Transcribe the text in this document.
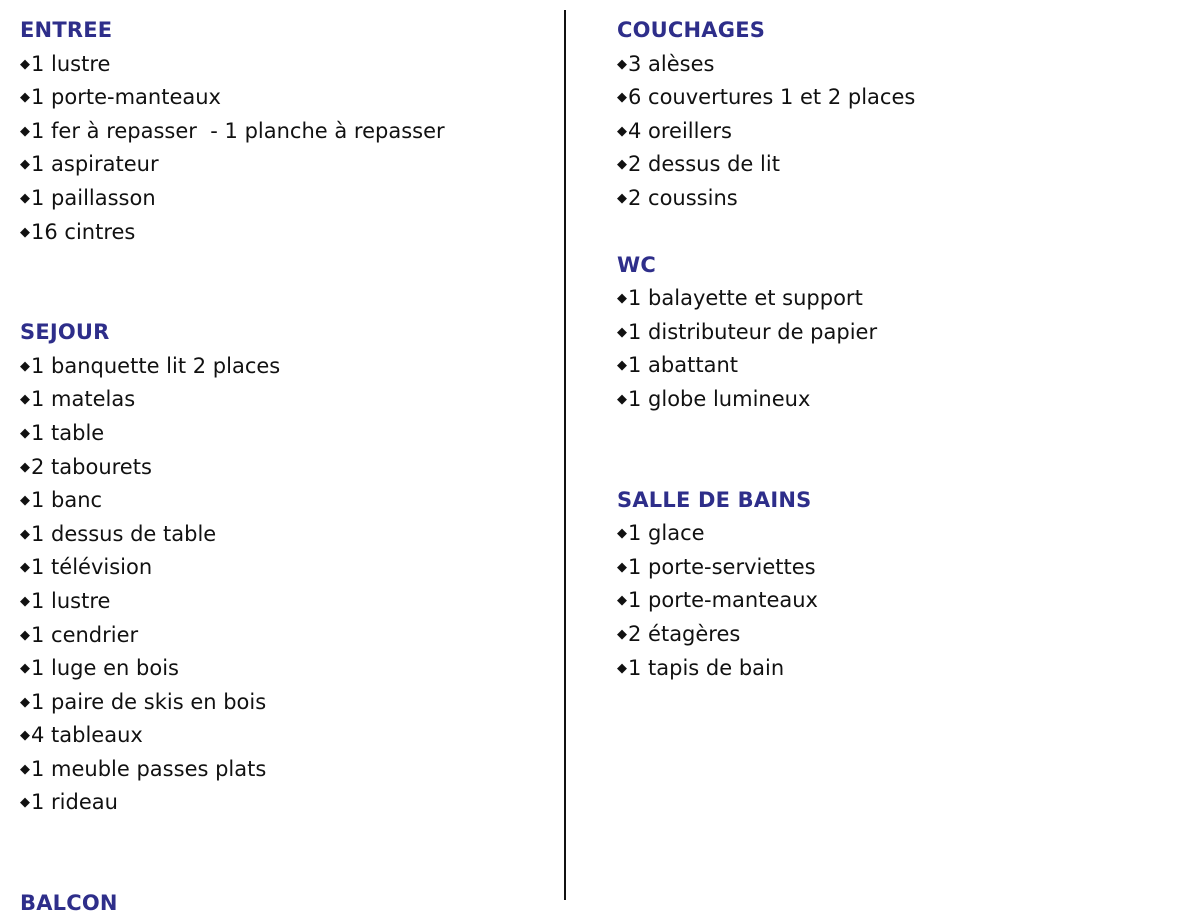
ENTREE
◆1 lustre
◆1 porte-manteaux
◆1 fer à repasser  - 1 planche à repasser
◆1 aspirateur
◆1 paillasson
◆16 cintres
SEJOUR
◆1 banquette lit 2 places
◆1 matelas
◆1 table
◆2 tabourets
◆1 banc
◆1 dessus de table
◆1 télévision
◆1 lustre
◆1 cendrier
◆1 luge en bois
◆1 paire de skis en bois
◆4 tableaux
◆1 meuble passes plats
◆1 rideau
BALCON
COUCHAGES
◆3 alèses
◆6 couvertures 1 et 2 places
◆4 oreillers
◆2 dessus de lit
◆2 coussins
WC
◆1 balayette et support
◆1 distributeur de papier
◆1 abattant
◆1 globe lumineux
SALLE DE BAINS
◆1 glace
◆1 porte-serviettes
◆1 porte-manteaux
◆2 étagères
◆1 tapis de bain
